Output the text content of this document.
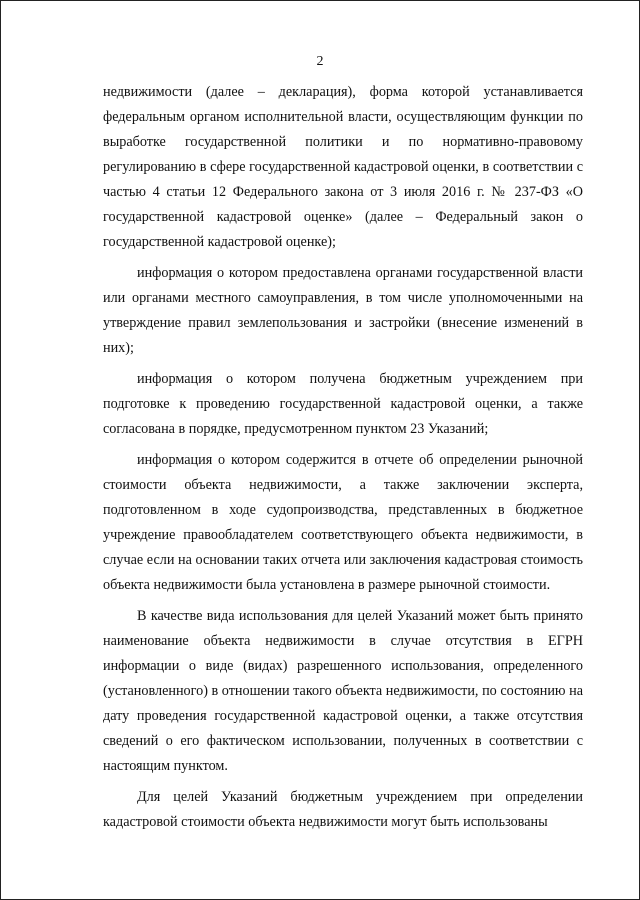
2

недвижимости (далее – декларация), форма которой устанавливается федеральным органом исполнительной власти, осуществляющим функции по выработке государственной политики и по нормативно-правовому регулированию в сфере государственной кадастровой оценки, в соответствии с частью 4 статьи 12 Федерального закона от 3 июля 2016 г. № 237-ФЗ «О государственной кадастровой оценке» (далее – Федеральный закон о государственной кадастровой оценке);

информация о котором предоставлена органами государственной власти или органами местного самоуправления, в том числе уполномоченными на утверждение правил землепользования и застройки (внесение изменений в них);

информация о котором получена бюджетным учреждением при подготовке к проведению государственной кадастровой оценки, а также согласована в порядке, предусмотренном пунктом 23 Указаний;

информация о котором содержится в отчете об определении рыночной стоимости объекта недвижимости, а также заключении эксперта, подготовленном в ходе судопроизводства, представленных в бюджетное учреждение правообладателем соответствующего объекта недвижимости, в случае если на основании таких отчета или заключения кадастровая стоимость объекта недвижимости была установлена в размере рыночной стоимости.

В качестве вида использования для целей Указаний может быть принято наименование объекта недвижимости в случае отсутствия в ЕГРН информации о виде (видах) разрешенного использования, определенного (установленного) в отношении такого объекта недвижимости, по состоянию на дату проведения государственной кадастровой оценки, а также отсутствия сведений о его фактическом использовании, полученных в соответствии с настоящим пунктом.

Для целей Указаний бюджетным учреждением при определении кадастровой стоимости объекта недвижимости могут быть использованы
